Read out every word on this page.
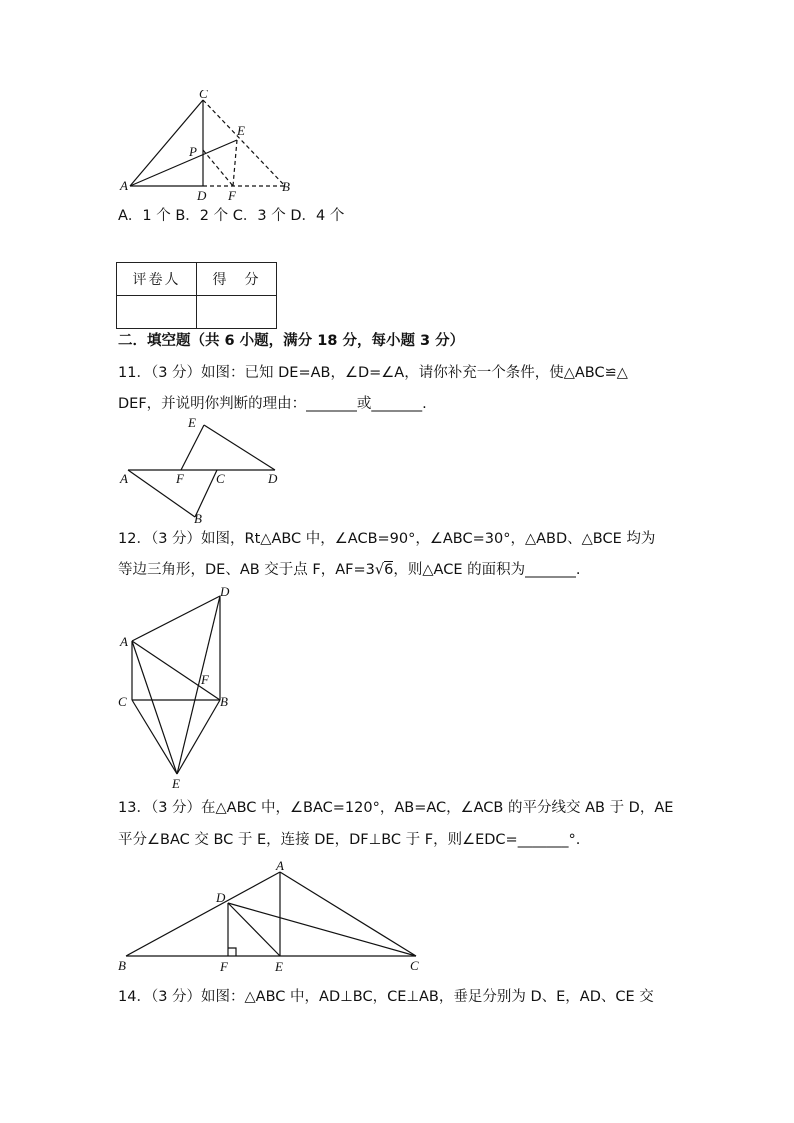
C
E
P
A
D F
B
A．1 个 B．2 个 C．3 个 D．4 个
评卷人	得　分

二．填空题（共 6 小题，满分 18 分，每小题 3 分）
11．（3 分）如图：已知 DE=AB，∠D=∠A，请你补充一个条件，使△ABC≌△
DEF，并说明你判断的理由：_______或_______.
E
A	F C	D
B
12．（3 分）如图，Rt△ABC 中，∠ACB=90°，∠ABC=30°，△ABD、△BCE 均为
等边三角形，DE、AB 交于点 F，AF=3√6，则△ACE 的面积为_______.
D
A
F
C	B
E
13．（3 分）在△ABC 中，∠BAC=120°，AB=AC，∠ACB 的平分线交 AB 于 D，AE
平分∠BAC 交 BC 于 E，连接 DE，DF⊥BC 于 F，则∠EDC=_______°.
A
D
B	F	E	C
14．（3 分）如图：△ABC 中，AD⊥BC，CE⊥AB，垂足分别为 D、E，AD、CE 交
